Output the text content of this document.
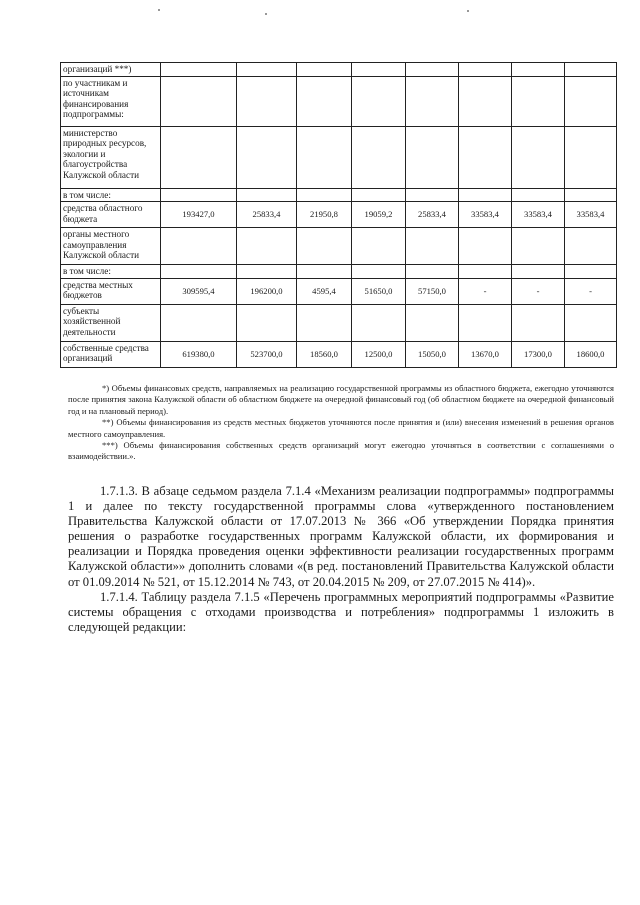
организаций ***)								
по участникам и источникам финансирования подпрограммы:								
министерство природных ресурсов, экологии и благоустройства Калужской области								
в том числе:								
средства областного бюджета	193427,0	25833,4	21950,8	19059,2	25833,4	33583,4	33583,4	33583,4
органы местного самоуправления Калужской области								
в том числе:								
средства местных бюджетов	309595,4	196200,0	4595,4	51650,0	57150,0	-	-	-
субъекты хозяйственной деятельности								
собственные средства организаций	619380,0	523700,0	18560,0	12500,0	15050,0	13670,0	17300,0	18600,0

*) Объемы финансовых средств, направляемых на реализацию государственной программы из областного бюджета, ежегодно уточняются после принятия закона Калужской области об областном бюджете на очередной финансовый год (об областном бюджете на очередной финансовый год и на плановый период).

**) Объемы финансирования из средств местных бюджетов уточняются после принятия и (или) внесения изменений в решения органов местного самоуправления.

***) Объемы финансирования собственных средств организаций могут ежегодно уточняться в соответствии с соглашениями о взаимодействии.».

1.7.1.3. В абзаце седьмом раздела 7.1.4 «Механизм реализации подпрограммы» подпрограммы 1 и далее по тексту государственной программы слова «утвержденного постановлением Правительства Калужской области от 17.07.2013 № 366 «Об утверждении Порядка принятия решения о разработке государственных программ Калужской области, их формирования и реализации и Порядка проведения оценки эффективности реализации государственных программ Калужской области»» дополнить словами «(в ред. постановлений Правительства Калужской области от 01.09.2014 № 521, от 15.12.2014 № 743, от 20.04.2015 № 209, от 27.07.2015 № 414)».

1.7.1.4. Таблицу раздела 7.1.5 «Перечень программных мероприятий подпрограммы «Развитие системы обращения с отходами производства и потребления» подпрограммы 1 изложить в следующей редакции:
